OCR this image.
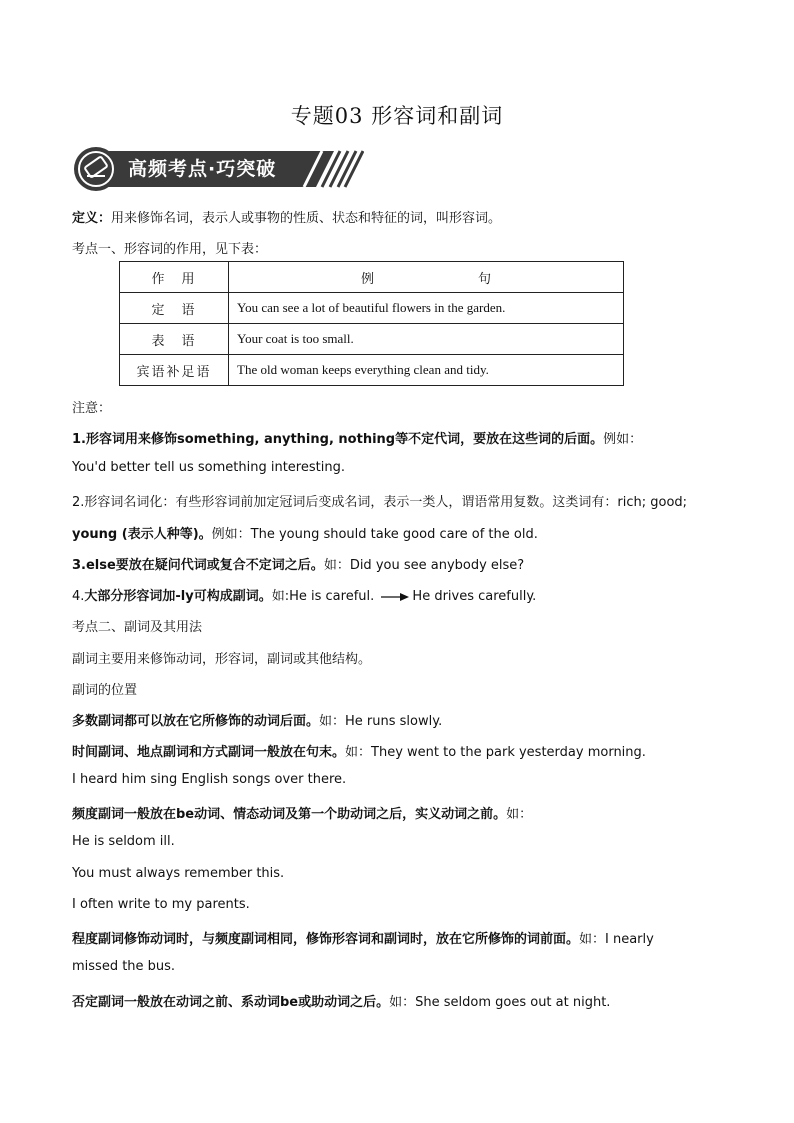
专题03 形容词和副词
高频考点·巧突破
定义：用来修饰名词，表示人或事物的性质、状态和特征的词，叫形容词。
考点一、形容词的作用，见下表：
作　用	例　　　　　　　　句
定　语	You can see a lot of beautiful flowers in the garden.
表　语	Your coat is too small.
宾语补足语	The old woman keeps everything clean and tidy.
注意：
1.形容词用来修饰something, anything, nothing等不定代词，要放在这些词的后面。例如：
You'd better tell us something interesting.
2.形容词名词化：有些形容词前加定冠词后变成名词，表示一类人，谓语常用复数。这类词有：rich; good;
young (表示人种等)。例如：The young should take good care of the old.
3.else要放在疑问代词或复合不定词之后。如：Did you see anybody else?
4.大部分形容词加-ly可构成副词。如:He is careful.	He drives carefully.
考点二、副词及其用法
副词主要用来修饰动词，形容词，副词或其他结构。
副词的位置
多数副词都可以放在它所修饰的动词后面。如：He runs slowly.
时间副词、地点副词和方式副词一般放在句末。如：They went to the park yesterday morning.
I heard him sing English songs over there.
频度副词一般放在be动词、情态动词及第一个助动词之后，实义动词之前。如：
He is seldom ill.
You must always remember this.
I often write to my parents.
程度副词修饰动词时，与频度副词相同，修饰形容词和副词时，放在它所修饰的词前面。如：I nearly
missed the bus.
否定副词一般放在动词之前、系动词be或助动词之后。如：She seldom goes out at night.
